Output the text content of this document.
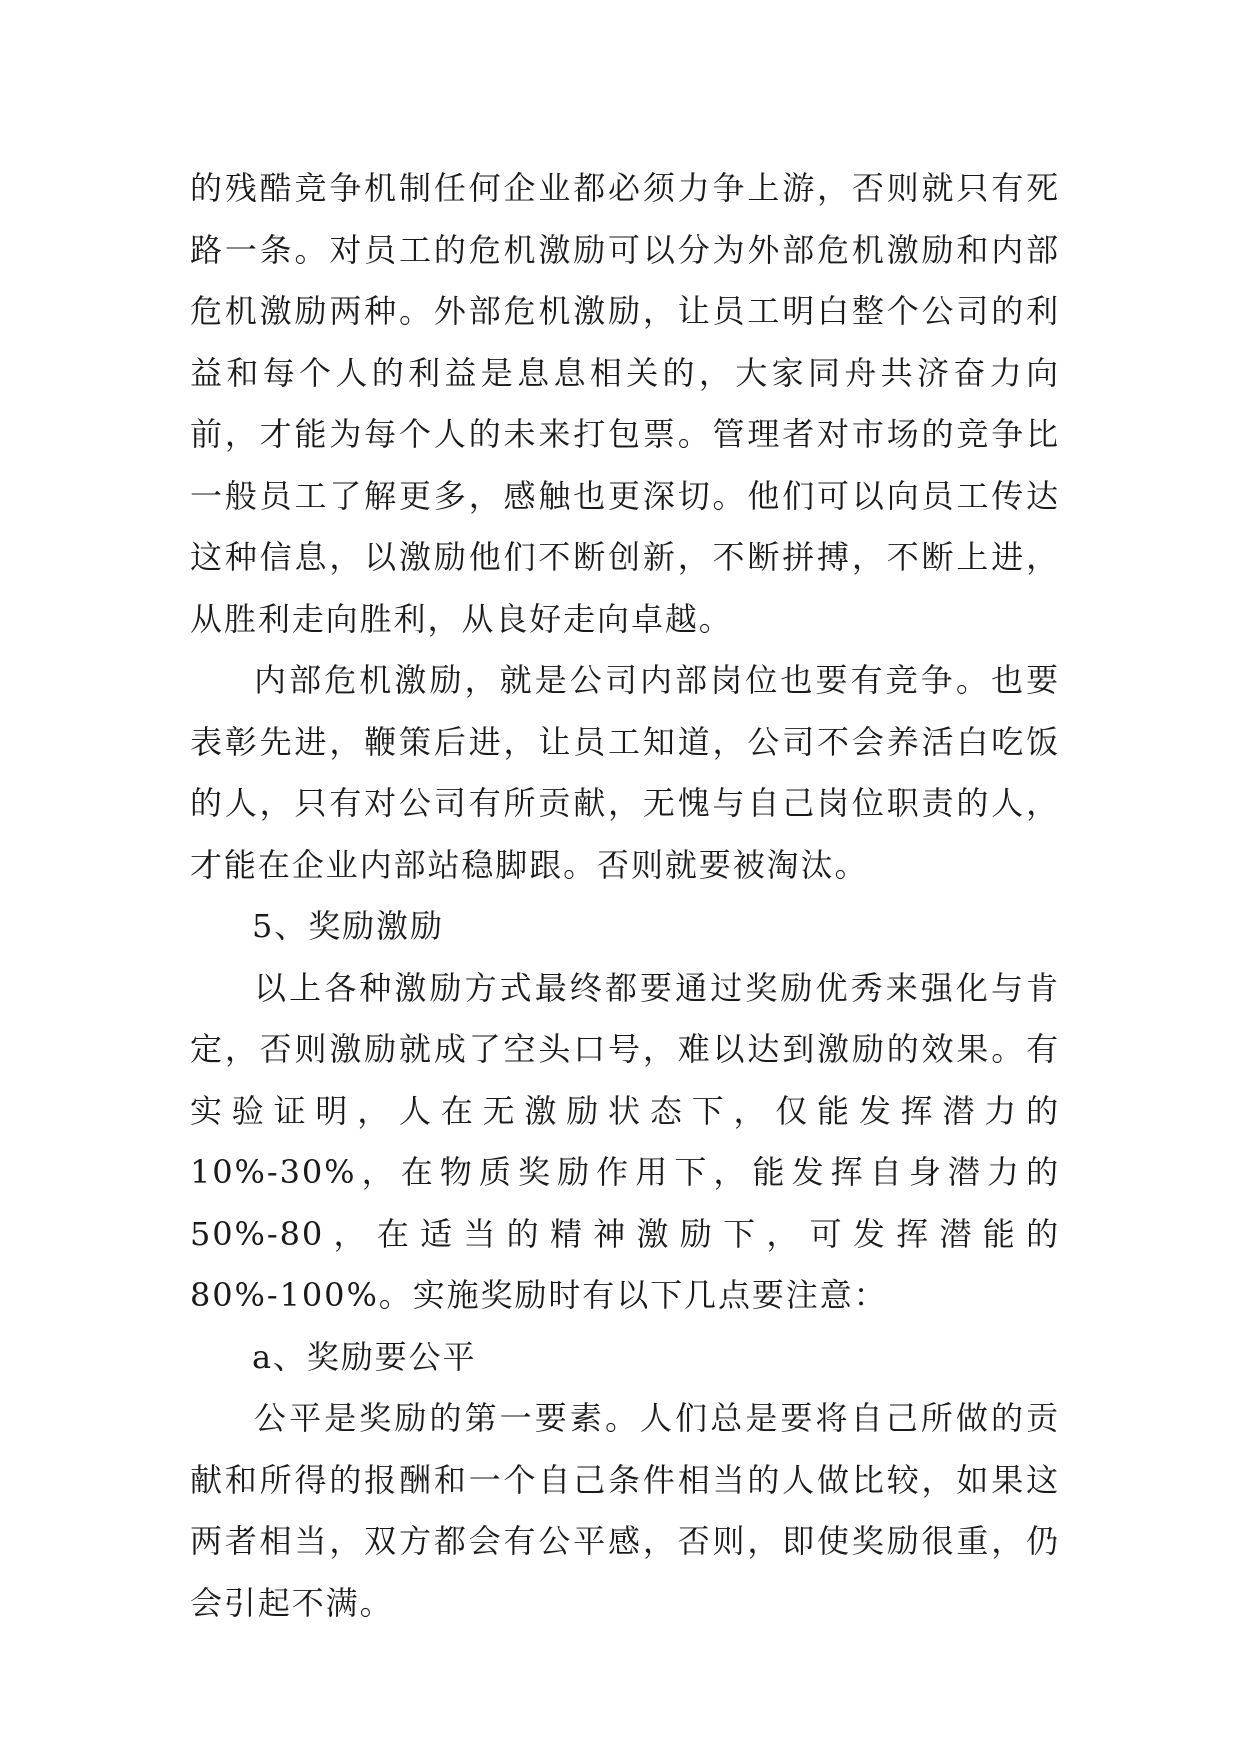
的残酷竞争机制任何企业都必须力争上游，否则就只有死路一条。对员工的危机激励可以分为外部危机激励和内部危机激励两种。外部危机激励，让员工明白整个公司的利益和每个人的利益是息息相关的，大家同舟共济奋力向前，才能为每个人的未来打包票。管理者对市场的竞争比一般员工了解更多，感触也更深切。他们可以向员工传达这种信息，以激励他们不断创新，不断拼搏，不断上进，从胜利走向胜利，从良好走向卓越。

内部危机激励，就是公司内部岗位也要有竞争。也要表彰先进，鞭策后进，让员工知道，公司不会养活白吃饭的人，只有对公司有所贡献，无愧与自己岗位职责的人，才能在企业内部站稳脚跟。否则就要被淘汰。

5、奖励激励

以上各种激励方式最终都要通过奖励优秀来强化与肯定，否则激励就成了空头口号，难以达到激励的效果。有实验证明，人在无激励状态下，仅能发挥潜力的10%-30%，在物质奖励作用下，能发挥自身潜力的50%-80，在适当的精神激励下，可发挥潜能的80%-100%。实施奖励时有以下几点要注意：

a、奖励要公平

公平是奖励的第一要素。人们总是要将自己所做的贡献和所得的报酬和一个自己条件相当的人做比较，如果这两者相当，双方都会有公平感，否则，即使奖励很重，仍会引起不满。
